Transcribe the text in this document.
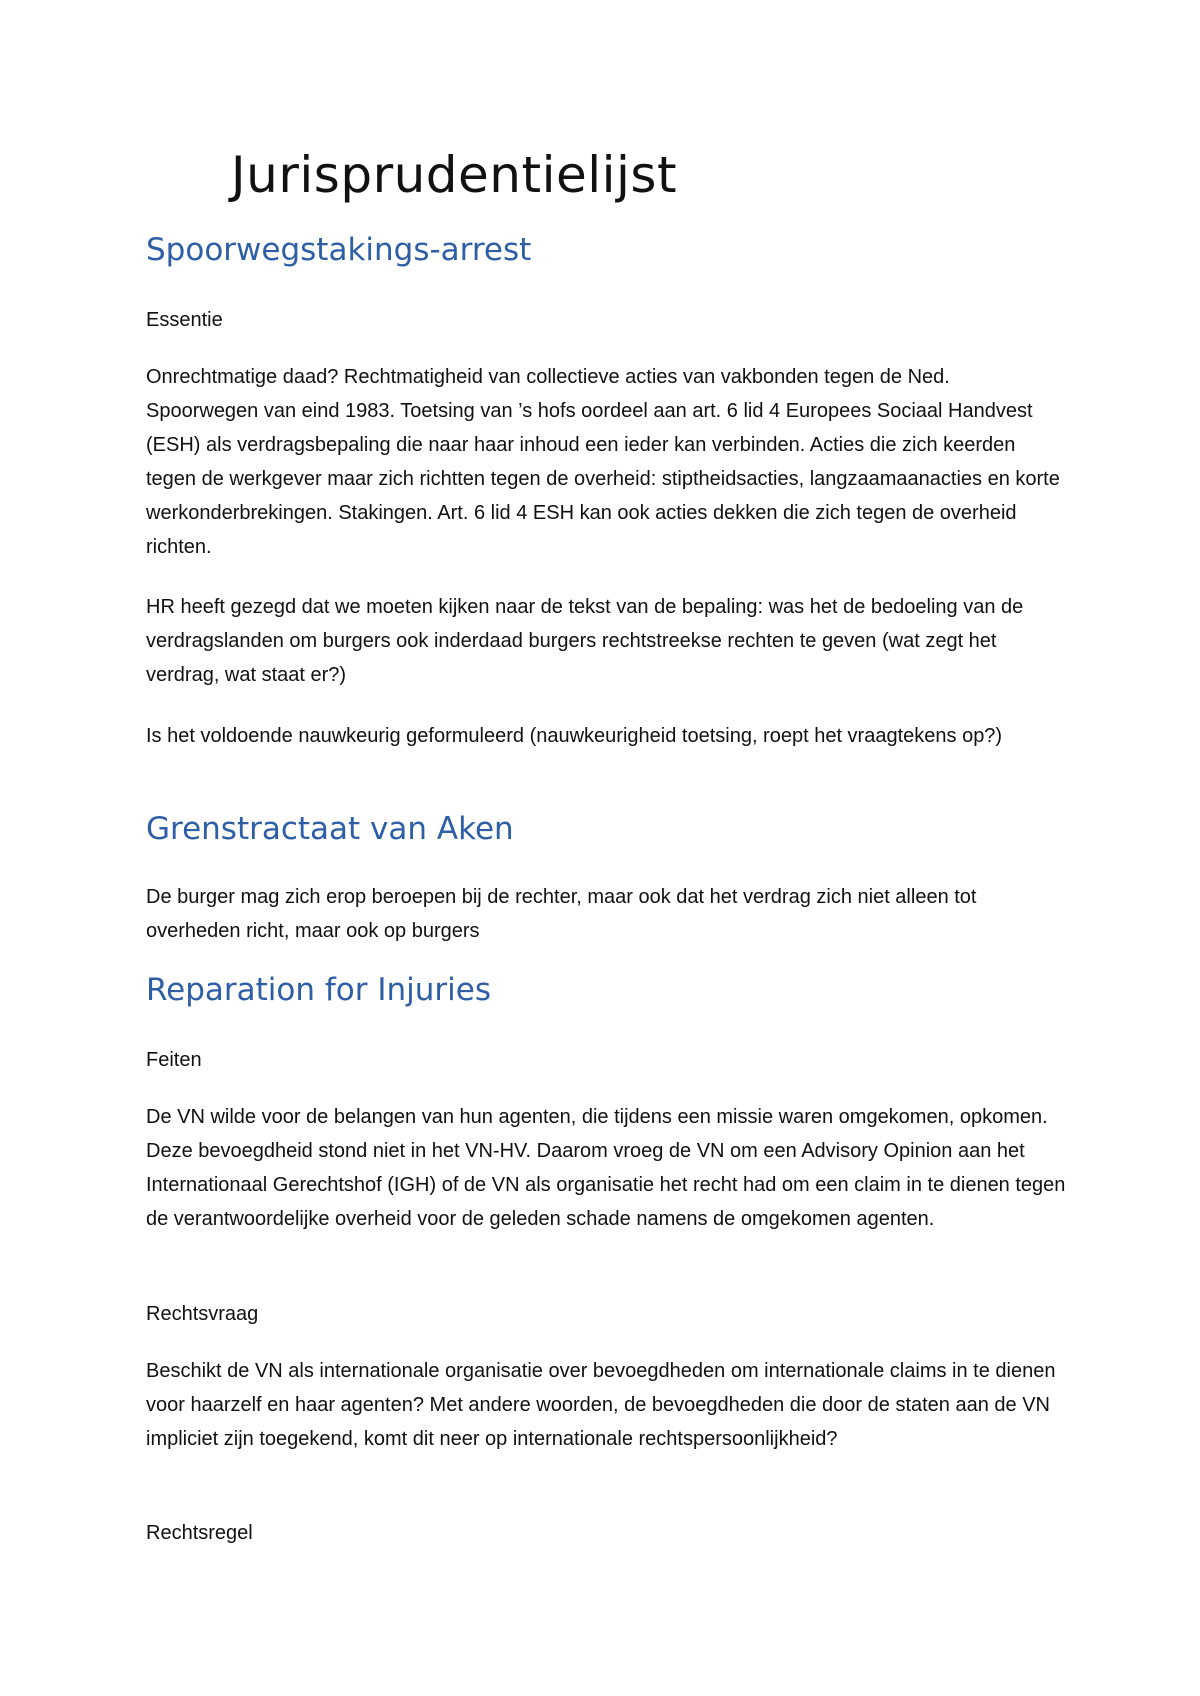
Jurisprudentielijst
Spoorwegstakings-arrest

Essentie

Onrechtmatige daad? Rechtmatigheid van collectieve acties van vakbonden tegen de Ned. Spoorwegen van eind 1983. Toetsing van ’s hofs oordeel aan art. 6 lid 4 Europees Sociaal Handvest (ESH) als verdragsbepaling die naar haar inhoud een ieder kan verbinden. Acties die zich keerden tegen de werkgever maar zich richtten tegen de overheid: stiptheidsacties, langzaamaanacties en korte werkonderbrekingen. Stakingen. Art. 6 lid 4 ESH kan ook acties dekken die zich tegen de overheid richten.

HR heeft gezegd dat we moeten kijken naar de tekst van de bepaling: was het de bedoeling van de verdragslanden om burgers ook inderdaad burgers rechtstreekse rechten te geven (wat zegt het verdrag, wat staat er?)

Is het voldoende nauwkeurig geformuleerd (nauwkeurigheid toetsing, roept het vraagtekens op?)

Grenstractaat van Aken

De burger mag zich erop beroepen bij de rechter, maar ook dat het verdrag zich niet alleen tot overheden richt, maar ook op burgers

Reparation for Injuries

Feiten

De VN wilde voor de belangen van hun agenten, die tijdens een missie waren omgekomen, opkomen. Deze bevoegdheid stond niet in het VN-HV. Daarom vroeg de VN om een Advisory Opinion aan het Internationaal Gerechtshof (IGH) of de VN als organisatie het recht had om een claim in te dienen tegen de verantwoordelijke overheid voor de geleden schade namens de omgekomen agenten.

Rechtsvraag

Beschikt de VN als internationale organisatie over bevoegdheden om internationale claims in te dienen voor haarzelf en haar agenten? Met andere woorden, de bevoegdheden die door de staten aan de VN impliciet zijn toegekend, komt dit neer op internationale rechtspersoonlijkheid?

Rechtsregel
